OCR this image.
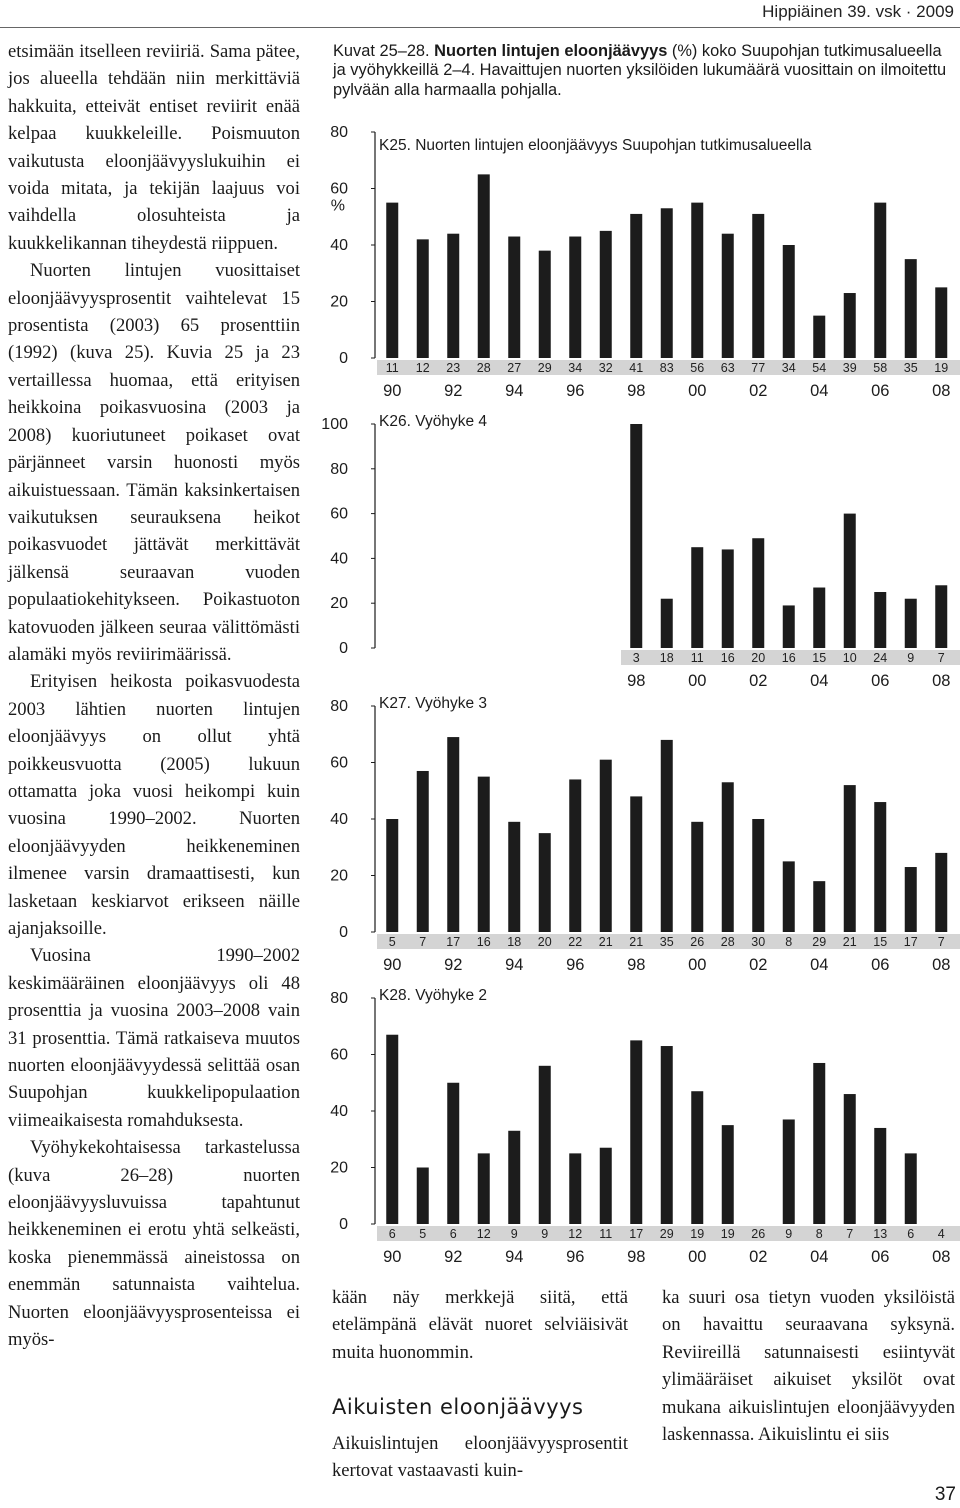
Hippiäinen 39. vsk · 2009

etsimään itselleen reviiriä. Sama pätee, jos alueella tehdään niin merkittäviä hakkuita, etteivät entiset reviirit enää kelpaa kuukkeleille. Poismuuton vaikutusta eloonjäävyyslukuihin ei voida mitata, ja tekijän laajuus voi vaihdella olosuhteista ja kuukkelikannan tiheydestä riippuen.

Nuorten lintujen vuosittaiset eloonjäävyysprosentit vaihtelevat 15 prosentista (2003) 65 prosenttiin (1992) (kuva 25). Kuvia 25 ja 23 vertaillessa huomaa, että erityisen heikkoina poikasvuosina (2003 ja 2008) kuoriutuneet poikaset ovat pärjänneet varsin huonosti myös aikuistuessaan. Tämän kaksinkertaisen vaikutuksen seurauksena heikot poikasvuodet jättävät merkittävät jälkensä seuraavan vuoden populaatiokehitykseen. Poikastuoton katovuoden jälkeen seuraa välittömästi alamäki myös reviirimäärissä.

Erityisen heikosta poikasvuodesta 2003 lähtien nuorten lintujen eloonjäävyys on ollut yhtä poikkeusvuotta (2005) lukuun ottamatta joka vuosi heikompi kuin vuosina 1990–2002. Nuorten eloonjäävyyden heikkeneminen ilmenee varsin dramaattisesti, kun lasketaan keskiarvot erikseen näille ajanjaksoille.

Vuosina 1990–2002 keskimääräinen eloonjäävyys oli 48 prosenttia ja vuosina 2003–2008 vain 31 prosenttia. Tämä ratkaiseva muutos nuorten eloonjäävyydessä selittää osan Suupohjan kuukkelipopulaation viimeaikaisesta romahduksesta.

Vyöhykekohtaisessa tarkastelussa (kuva 26–28) nuorten eloonjäävyysluvuissa tapahtunut heikkeneminen ei erotu yhtä selkeästi, koska pienemmässä aineistossa on enemmän satunnaista vaihtelua. Nuorten eloonjäävyysprosenteissa ei myös-

Kuvat 25–28. Nuorten lintujen eloonjäävyys (%) koko Suupohjan tutkimusalueella ja vyöhykkeillä 2–4. Havaittujen nuorten yksilöiden lukumäärä vuosittain on ilmoitettu pylvään alla harmaalla pohjalla.
K25. Nuorten lintujen eloonjäävyys Suupohjan tutkimusalueella
0
20
40
60
80
%
11 12 23 28 27 29 34 32 41 83 56 63 77 34 54 39 58 35 19
90	92	94	96	98	00	02	04	06	08
K26. Vyöhyke 4
0
20
40
60
80
100
3 18 11 16 20 16 15 10 24 9 7
98	00	02	04	06	08
K27. Vyöhyke 3
0
20
40
60
80
5 7 17 16 18 20 22 21 21 35 26 28 30 8 29 21 15 17 7
90	92	94	96	98	00	02	04	06	08
K28. Vyöhyke 2
0
20
40
60
80
6 5 6 12 9 9 12 11 17 29 19 19 26 9 8 7 13 6 4
90	92	94	96	98	00	02	04	06	08

kään näy merkkejä siitä, että etelämpänä elävät nuoret selviäisivät muita huonommin.

Aikuisten eloonjäävyys

Aikuislintujen eloonjäävyysprosentit kertovat vastaavasti kuin-

ka suuri osa tietyn vuoden yksilöistä on havaittu seuraavana syksynä. Reviireillä satunnaisesti esiintyvät ylimääräiset aikuiset yksilöt ovat mukana aikuislintujen eloonjäävyyden laskennassa. Aikuislintu ei siis

37
